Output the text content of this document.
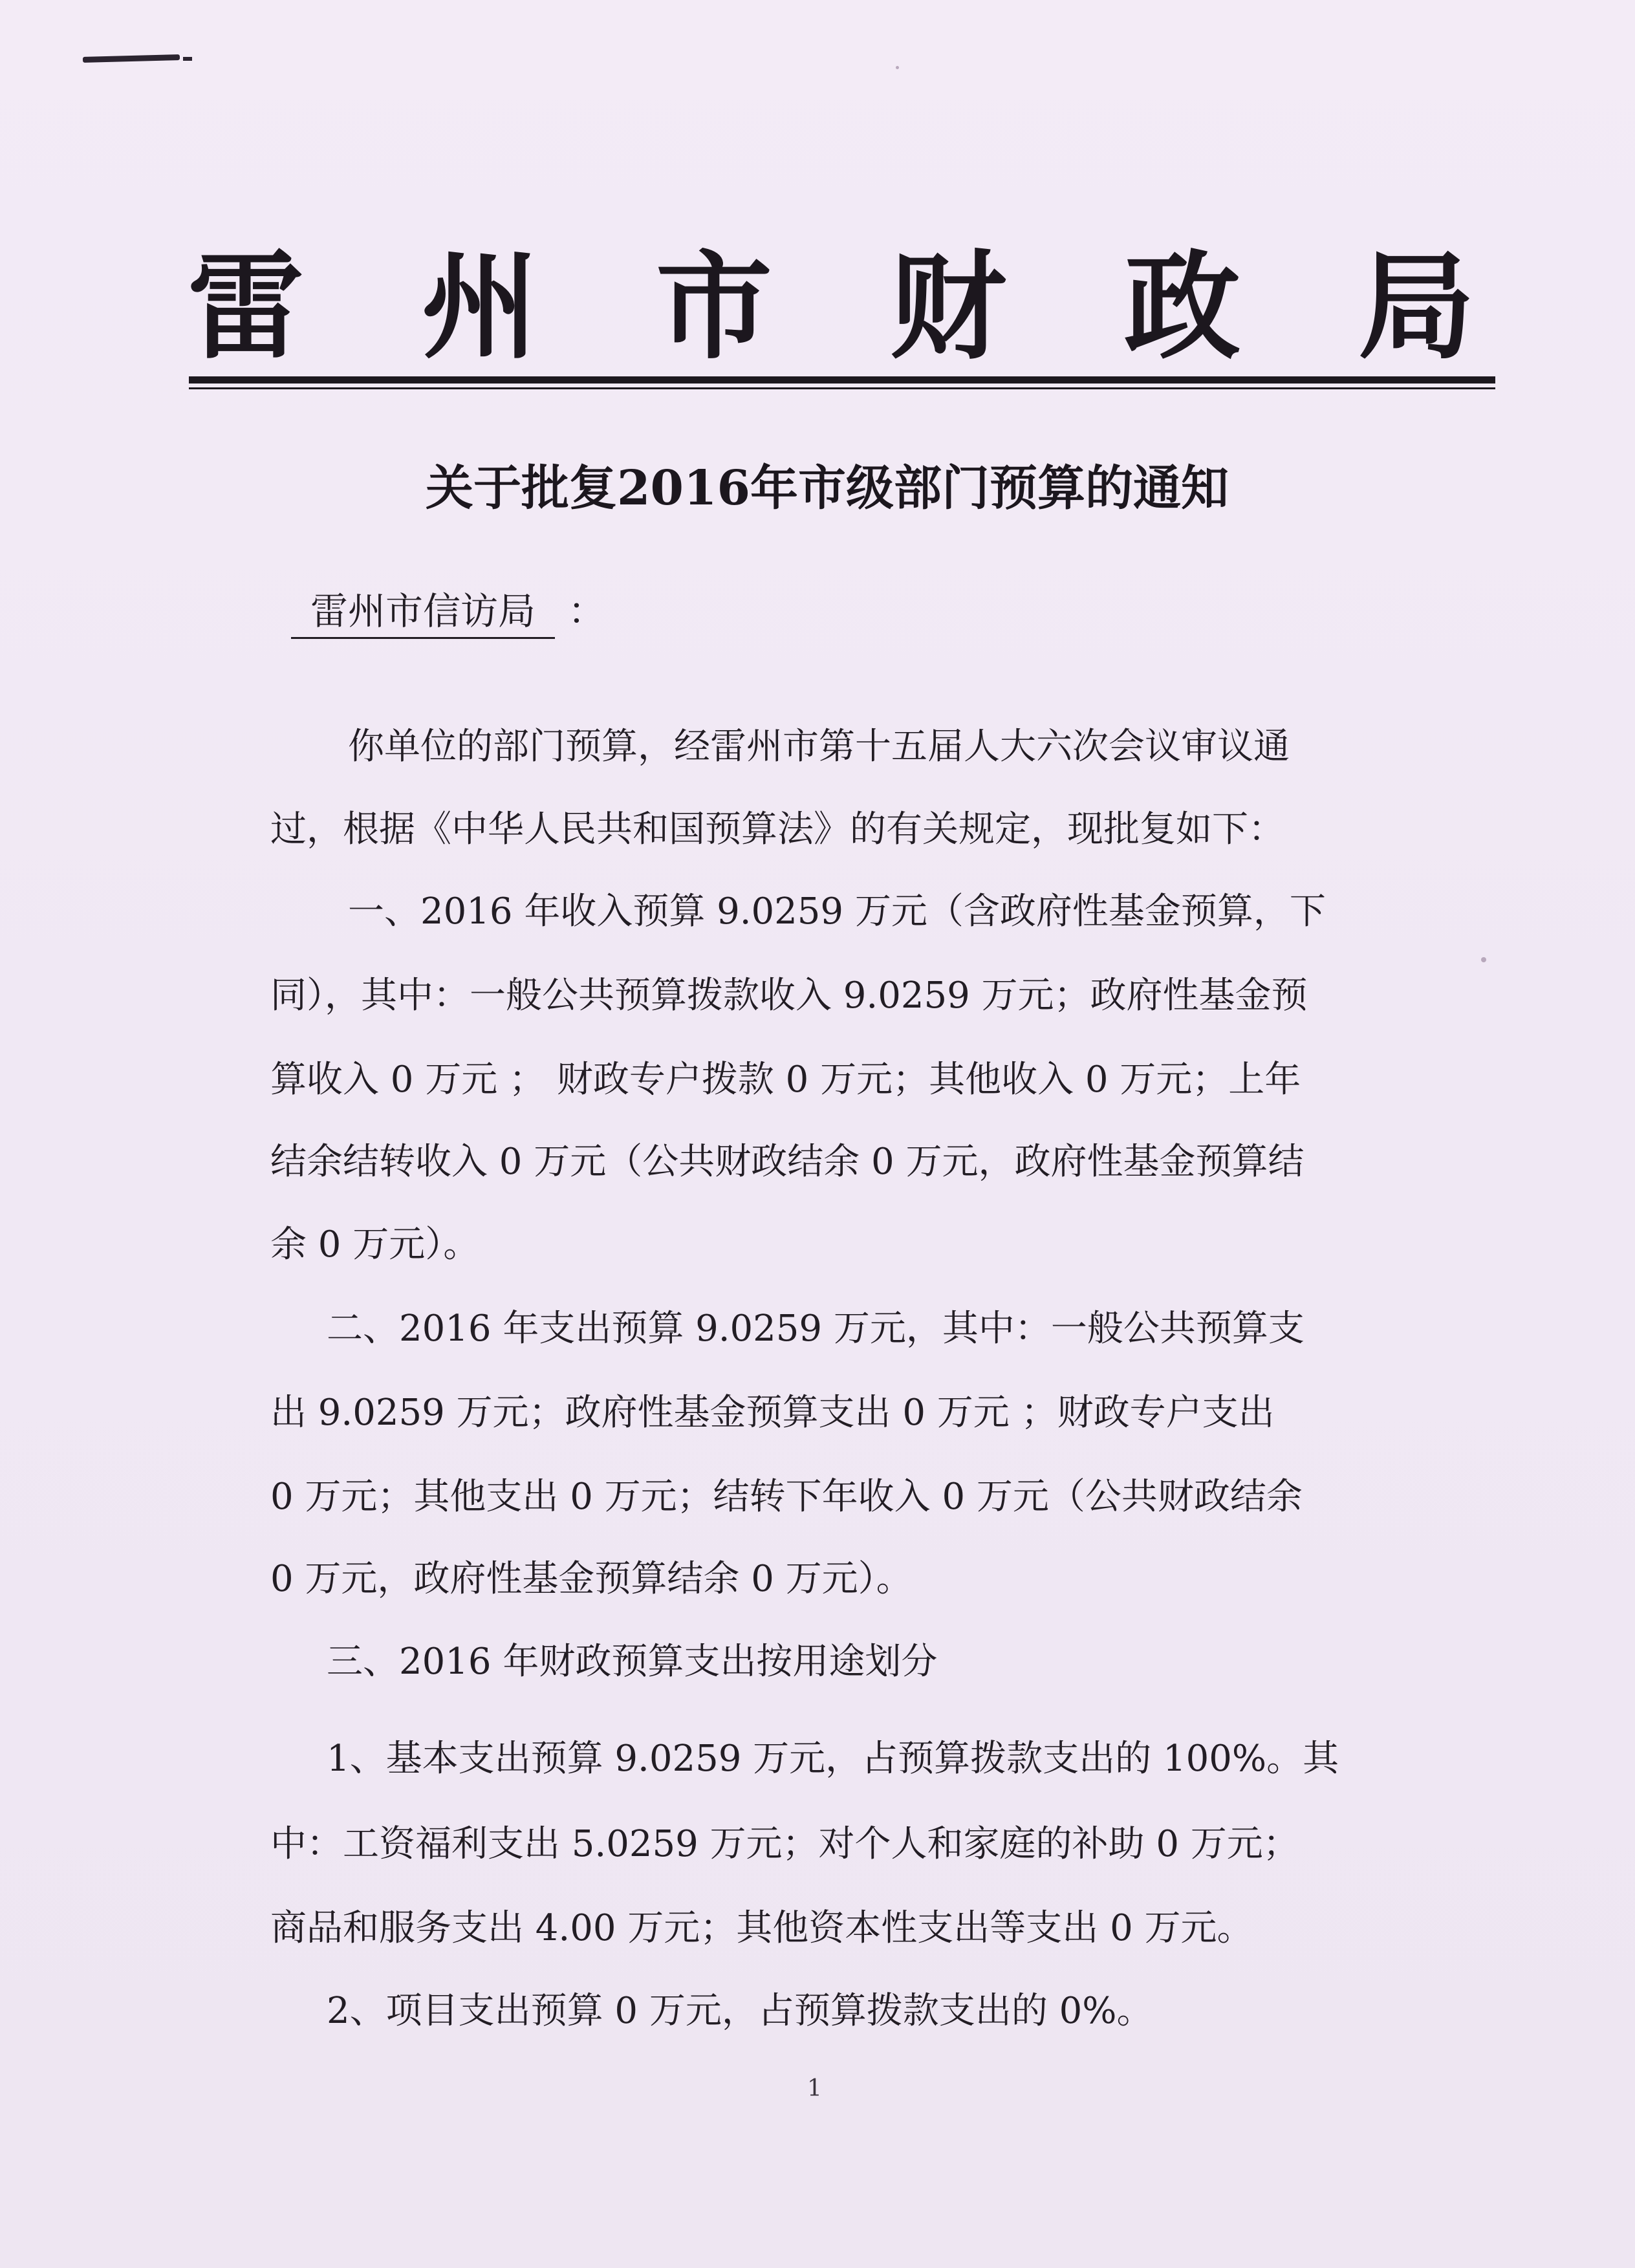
雷 州 市 财 政 局
关于批复2016年市级部门预算的通知
雷州市信访局 ：
你单位的部门预算，经雷州市第十五届人大六次会议审议通
过，根据《中华人民共和国预算法》的有关规定，现批复如下：
一、2016 年收入预算 9.0259 万元（含政府性基金预算，下
同），其中：一般公共预算拨款收入 9.0259 万元；政府性基金预
算收入 0 万元 ； 财政专户拨款 0 万元；其他收入 0 万元；上年
结余结转收入 0 万元（公共财政结余 0 万元，政府性基金预算结
余 0 万元）。
二、2016 年支出预算 9.0259 万元，其中：一般公共预算支
出 9.0259 万元；政府性基金预算支出 0 万元 ；财政专户支出
0 万元；其他支出 0 万元；结转下年收入 0 万元（公共财政结余
0 万元，政府性基金预算结余 0 万元）。
三、2016 年财政预算支出按用途划分
1、基本支出预算 9.0259 万元，占预算拨款支出的 100%。其
中：工资福利支出 5.0259 万元；对个人和家庭的补助 0 万元；
商品和服务支出 4.00 万元；其他资本性支出等支出 0 万元。
2、项目支出预算 0 万元，占预算拨款支出的 0%。
1
